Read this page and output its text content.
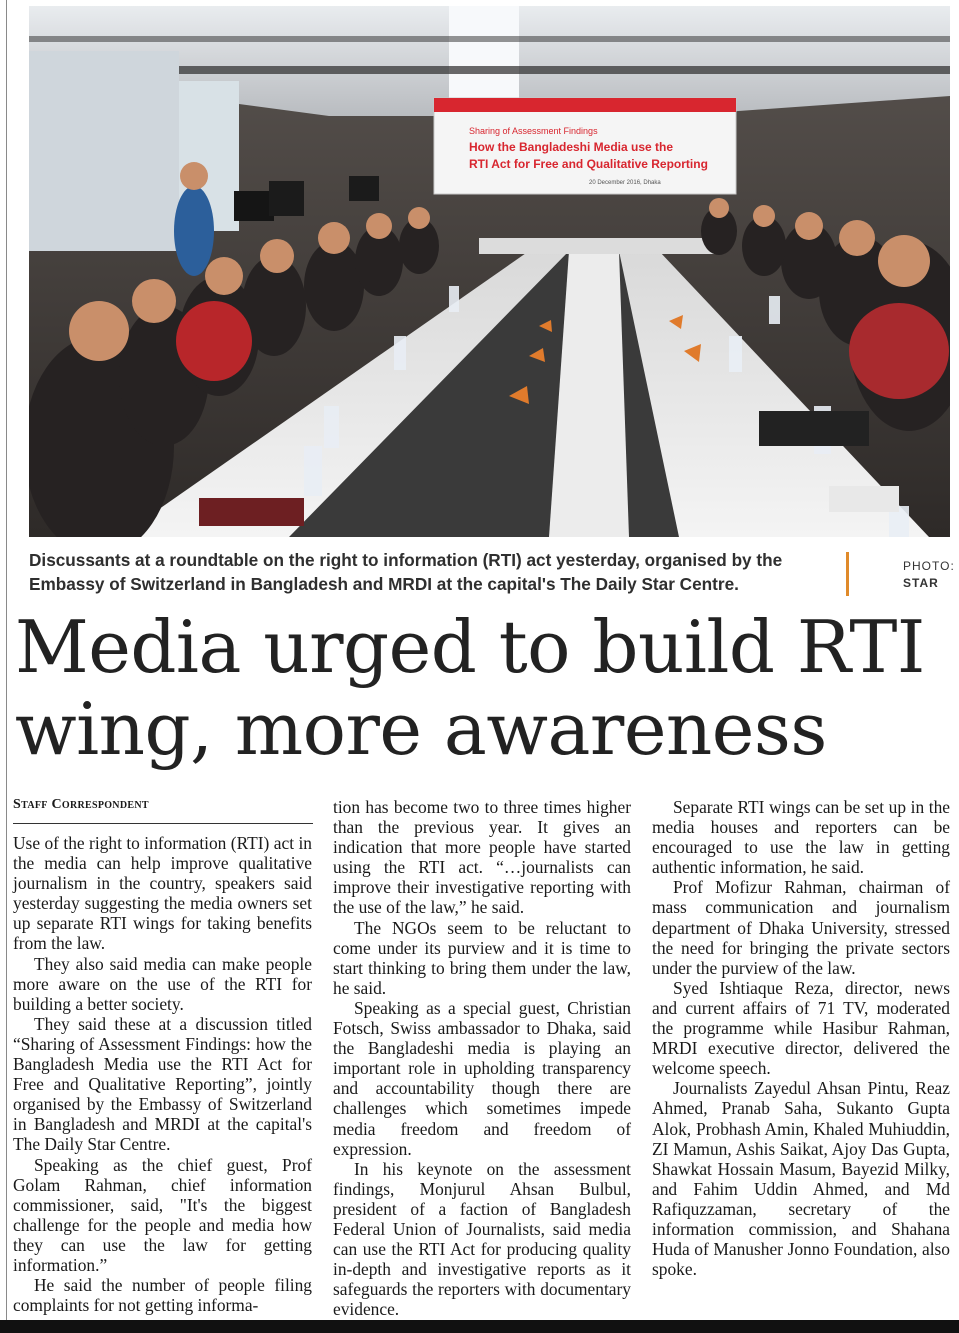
Sharing of Assessment Findings
How the Bangladeshi Media use the
RTI Act for Free and Qualitative Reporting
20 December 2016, Dhaka
Discussants at a roundtable on the right to information (RTI) act yesterday, organised by the Embassy of Switzerland in Bangladesh and MRDI at the capital's The Daily Star Centre.
PHOTO:
STAR
Media urged to build RTI wing, more awareness
Staff Correspondent

Use of the right to information (RTI) act in the media can help improve qualitative journalism in the country, speakers said yesterday suggesting the media owners set up separate RTI wings for taking benefits from the law.

They also said media can make people more aware on the use of the RTI for building a better society.

They said these at a discussion titled “Sharing of Assessment Findings: how the Bangladesh Media use the RTI Act for Free and Qualitative Reporting”, jointly organised by the Embassy of Switzerland in Bangladesh and MRDI at the capital's The Daily Star Centre.

Speaking as the chief guest, Prof Golam Rahman, chief information commissioner, said, "It's the biggest challenge for the people and media how they can use the law for getting information.”

He said the number of people filing complaints for not getting informa-

tion has become two to three times higher than the previous year. It gives an indication that more people have started using the RTI act. “…journalists can improve their investigative reporting with the use of the law,” he said.

The NGOs seem to be reluctant to come under its purview and it is time to start thinking to bring them under the law, he said.

Speaking as a special guest, Christian Fotsch, Swiss ambassador to Dhaka, said the Bangladeshi media is playing an important role in upholding transparency and accountability though there are challenges which sometimes impede media freedom and freedom of expression.

In his keynote on the assessment findings, Monjurul Ahsan Bulbul, president of a faction of Bangladesh Federal Union of Journalists, said media can use the RTI Act for producing quality in-depth and investigative reports as it safeguards the reporters with documentary evidence.

Separate RTI wings can be set up in the media houses and reporters can be encouraged to use the law in getting authentic information, he said.

Prof Mofizur Rahman, chairman of mass communication and journalism department of Dhaka University, stressed the need for bringing the private sectors under the purview of the law.

Syed Ishtiaque Reza, director, news and current affairs of 71 TV, moderated the programme while Hasibur Rahman, MRDI executive director, delivered the welcome speech.

Journalists Zayedul Ahsan Pintu, Reaz Ahmed, Pranab Saha, Sukanto Gupta Alok, Probhash Amin, Khaled Muhiuddin, ZI Mamun, Ashis Saikat, Ajoy Das Gupta, Shawkat Hossain Masum, Bayezid Milky, and Fahim Uddin Ahmed, and Md Rafiquzzaman, secretary of the information commission, and Shahana Huda of Manusher Jonno Foundation, also spoke.
